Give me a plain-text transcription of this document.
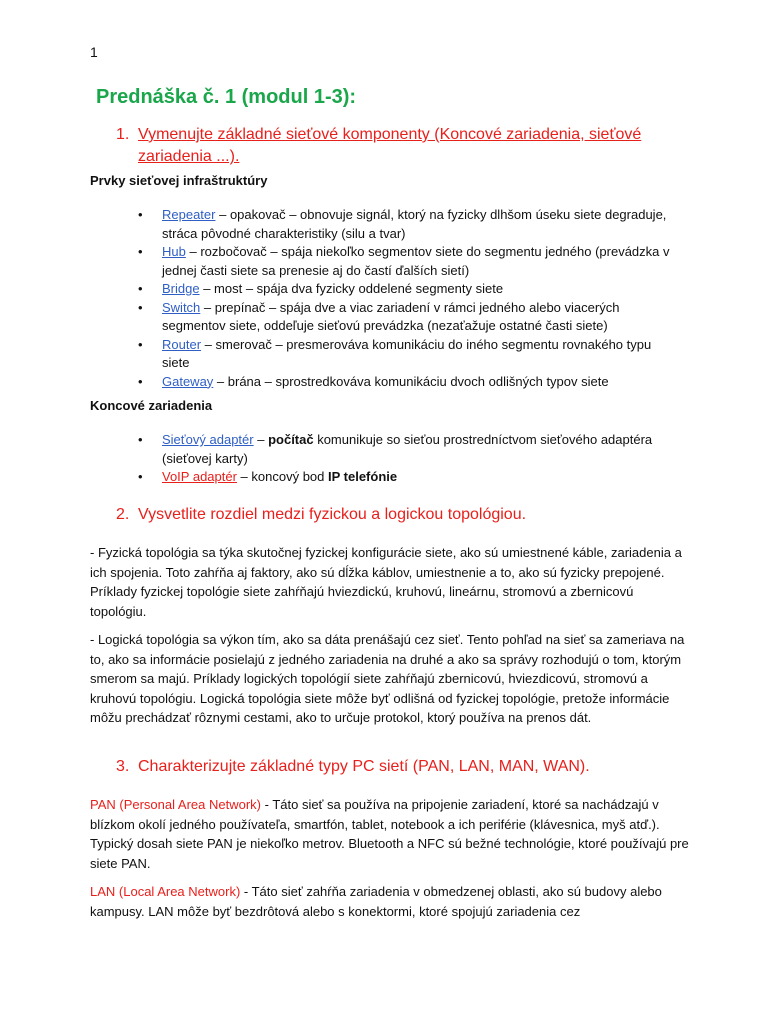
1
Prednáška č. 1 (modul 1-3):
1. Vymenujte základné sieťové komponenty (Koncové zariadenia, sieťové
zariadenia ...).
Prvky sieťovej infraštruktúry
• Repeater – opakovač – obnovuje signál, ktorý na fyzicky dlhšom úseku siete degraduje, stráca pôvodné charakteristiky (silu a tvar)
• Hub – rozbočovač – spája niekoľko segmentov siete do segmentu jedného (prevádzka v jednej časti siete sa prenesie aj do častí ďalších sietí)
• Bridge – most – spája dva fyzicky oddelené segmenty siete
• Switch – prepínač – spája dve a viac zariadení v rámci jedného alebo viacerých segmentov siete, oddeľuje sieťovú prevádzka (nezaťažuje ostatné časti siete)
• Router – smerovač – presmerováva komunikáciu do iného segmentu rovnakého typu siete
• Gateway – brána – sprostredkováva komunikáciu dvoch odlišných typov siete
Koncové zariadenia
• Sieťový adaptér – počítač komunikuje so sieťou prostredníctvom sieťového adaptéra (sieťovej karty)
• VoIP adaptér – koncový bod IP telefónie
2. Vysvetlite rozdiel medzi fyzickou a logickou topológiou.

- Fyzická topológia sa týka skutočnej fyzickej konfigurácie siete, ako sú umiestnené káble, zariadenia a ich spojenia. Toto zahŕňa aj faktory, ako sú dĺžka káblov, umiestnenie a to, ako sú fyzicky prepojené. Príklady fyzickej topológie siete zahŕňajú hviezdickú, kruhovú, lineárnu, stromovú a zbernicovú topológiu.

- Logická topológia sa výkon tím, ako sa dáta prenášajú cez sieť. Tento pohľad na sieť sa zameriava na to, ako sa informácie posielajú z jedného zariadenia na druhé a ako sa správy rozhodujú o tom, ktorým smerom sa majú. Príklady logických topológií siete zahŕňajú zbernicovú, hviezdicovú, stromovú a kruhovú topológiu. Logická topológia siete môže byť odlišná od fyzickej topológie, pretože informácie môžu prechádzať rôznymi cestami, ako to určuje protokol, ktorý používa na prenos dát.

3. Charakterizujte základné typy PC sietí (PAN, LAN, MAN, WAN).

PAN (Personal Area Network) - Táto sieť sa používa na pripojenie zariadení, ktoré sa nachádzajú v blízkom okolí jedného používateľa, smartfón, tablet, notebook a ich periférie (klávesnica, myš atď.). Typický dosah siete PAN je niekoľko metrov. Bluetooth a NFC sú bežné technológie, ktoré používajú pre siete PAN.

LAN (Local Area Network) - Táto sieť zahŕňa zariadenia v obmedzenej oblasti, ako sú budovy alebo kampusy. LAN môže byť bezdrôtová alebo s konektormi, ktoré spojujú zariadenia cez
